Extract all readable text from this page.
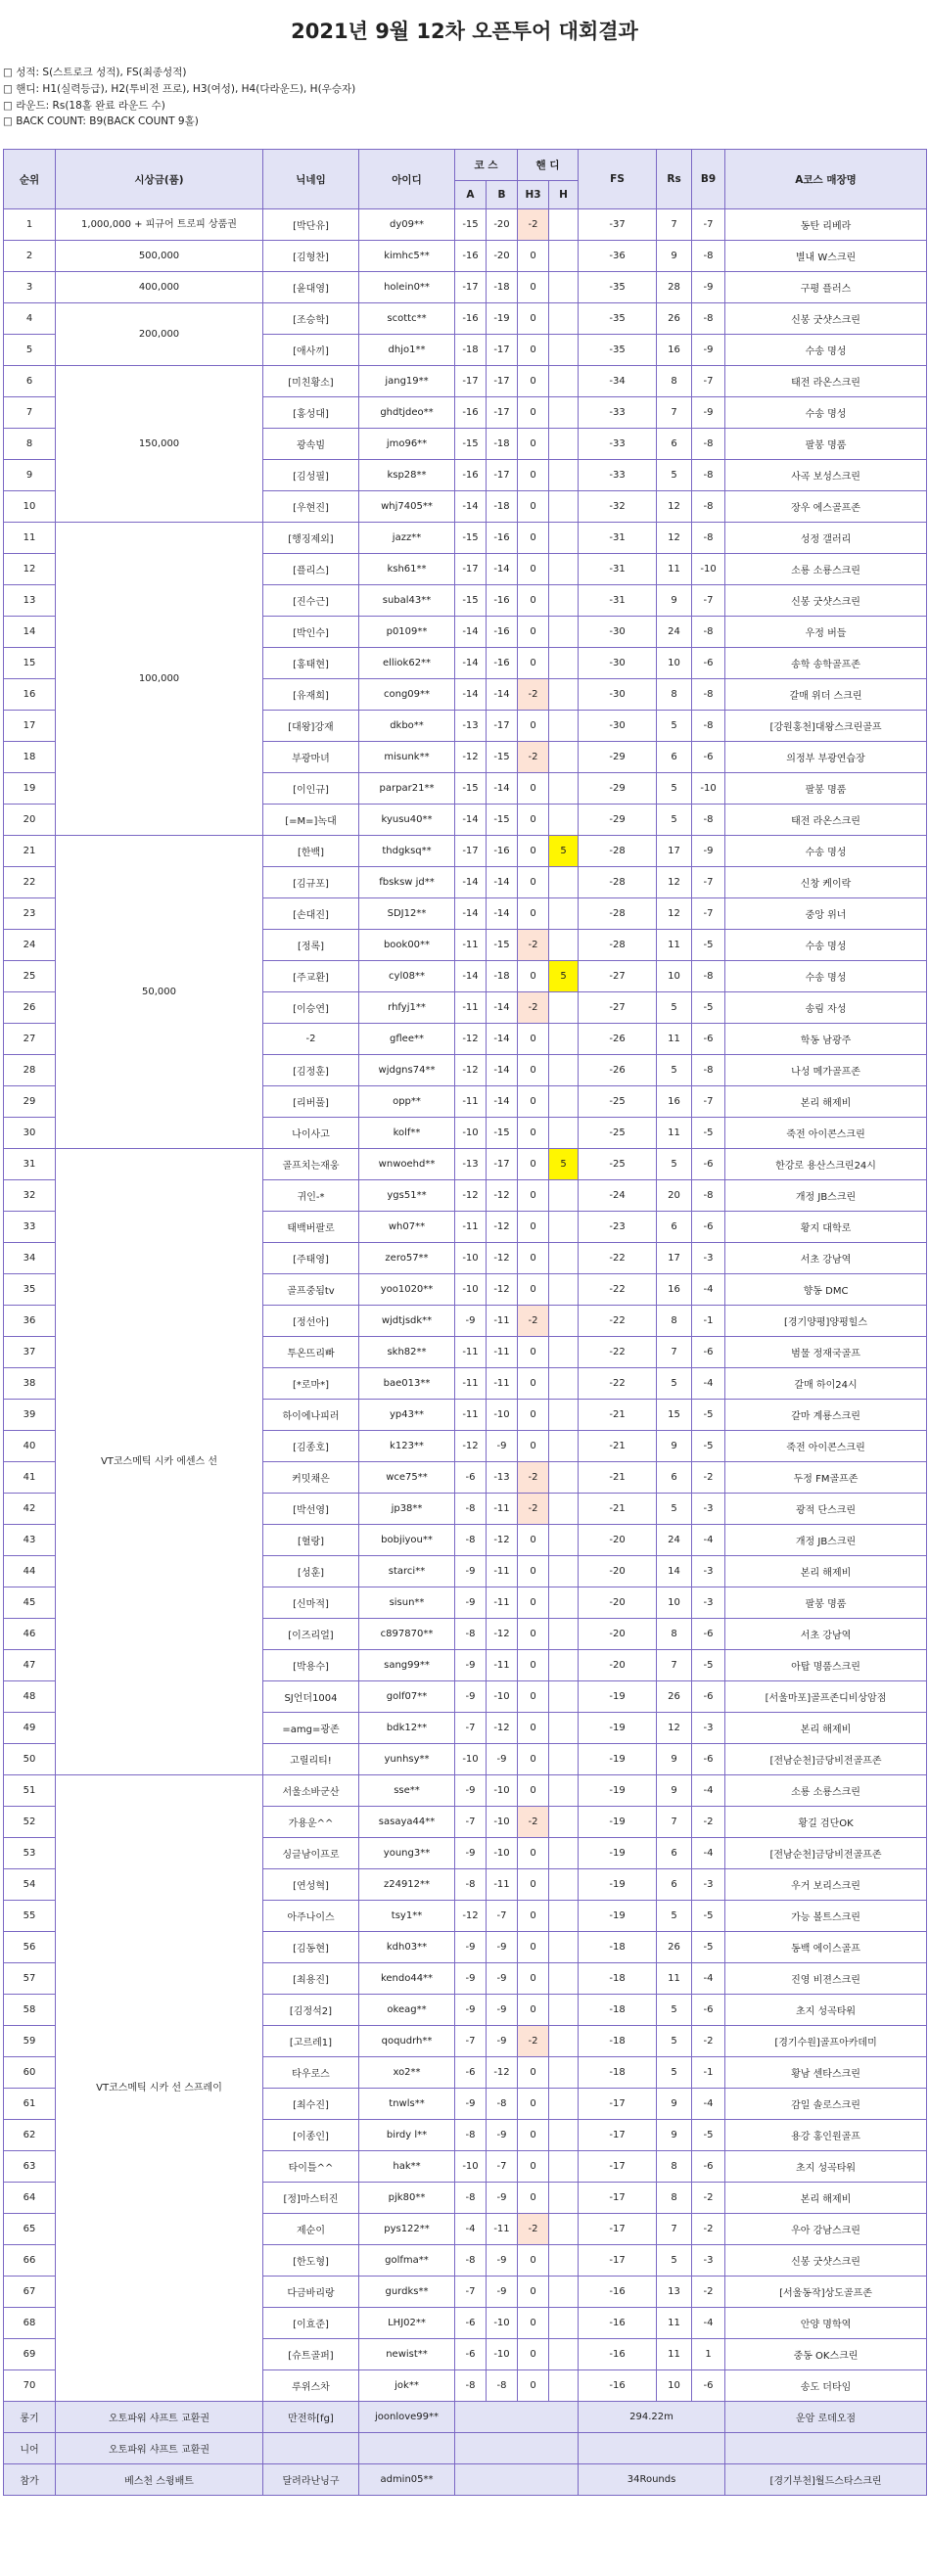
2021년 9월 12차 오픈투어 대회결과
□ 성적: S(스트로크 성적), FS(최종성적)
□ 핸디: H1(실력등급), H2(투비전 프로), H3(여성), H4(다라운드), H(우승자)
□ 라운드: Rs(18홀 완료 라운드 수)
□ BACK COUNT: B9(BACK COUNT 9홀)
순위	시상금(품)	닉네임	아이디	코 스		핸 디		FS	Rs	B9	A코스 매장명
				A	B	H3	H				
1	1,000,000 + 피규어 트로피 상품권	[박단유]	dy09**	-15	-20	-2		-37	7	-7	동탄 리베라
2	500,000	[김형찬]	kimhc5**	-16	-20	0		-36	9	-8	별내 W스크린
3	400,000	[윤대영]	holein0**	-17	-18	0		-35	28	-9	구평 플러스
4	200,000	[조승학]	scottc**	-16	-19	0		-35	26	-8	신봉 굿샷스크린
5		[애사끼]	dhjo1**	-18	-17	0		-35	16	-9	수송 명성
6	150,000	[미친황소]	jang19**	-17	-17	0		-34	8	-7	태전 라온스크린
7		[홍성대]	ghdtjdeo**	-16	-17	0		-33	7	-9	수송 명성
8		광속빔	jmo96**	-15	-18	0		-33	6	-8	팔봉 명품
9		[김성필]	ksp28**	-16	-17	0		-33	5	-8	사곡 보성스크린
10		[우현진]	whj7405**	-14	-18	0		-32	12	-8	장우 에스골프존
11	100,000	[행징제외]	jazz**	-15	-16	0		-31	12	-8	성정 갤러리
12		[플리스]	ksh61**	-17	-14	0		-31	11	-10	소룡 소룡스크린
13		[진수근]	subal43**	-15	-16	0		-31	9	-7	신봉 굿샷스크린
14		[박인수]	p0109**	-14	-16	0		-30	24	-8	우정 버들
15		[홍태현]	elliok62**	-14	-16	0		-30	10	-6	송학 송학골프존
16		[유재희]	cong09**	-14	-14	-2		-30	8	-8	갈매 위더 스크린
17		[대왕]강재	dkbo**	-13	-17	0		-30	5	-8	[강원홍천]대왕스크린골프
18		부광마녀	misunk**	-12	-15	-2		-29	6	-6	의정부 부광연습장
19		[이인규]	parpar21**	-15	-14	0		-29	5	-10	팔봉 명품
20		[=M=]녹대	kyusu40**	-14	-15	0		-29	5	-8	태전 라온스크린
21	50,000	[한백]	thdgksq**	-17	-16	0	5	-28	17	-9	수송 명성
22		[김규포]	fbsksw jd**	-14	-14	0		-28	12	-7	신창 케이락
23		[손대진]	SDJ12**	-14	-14	0		-28	12	-7	중앙 위너
24		[정록]	book00**	-11	-15	-2		-28	11	-5	수송 명성
25		[주교환]	cyl08**	-14	-18	0	5	-27	10	-8	수송 명성
26		[이승연]	rhfyj1**	-11	-14	-2		-27	5	-5	송림 자성
27		-2	gflee**	-12	-14	0		-26	11	-6	학동 남광주
28		[김정훈]	wjdgns74**	-12	-14	0		-26	5	-8	나성 메가골프존
29		[리버풀]	opp**	-11	-14	0		-25	16	-7	본리 해제비
30		나이사고	kolf**	-10	-15	0		-25	11	-5	죽전 아이콘스크린
31	VT코스메틱 시카 에센스 선	골프치는재웅	wnwoehd**	-13	-17	0	5	-25	5	-6	한강로 용산스크린24시
32		귀인-*	ygs51**	-12	-12	0		-24	20	-8	개정 JB스크린
33		태백버팔로	wh07**	-11	-12	0		-23	6	-6	황지 대학로
34		[주태영]	zero57**	-10	-12	0		-22	17	-3	서초 강남역
35		골프중됨tv	yoo1020**	-10	-12	0		-22	16	-4	향동 DMC
36		[정선아]	wjdtjsdk**	-9	-11	-2		-22	8	-1	[경기양평]양평힐스
37		투온뜨리빠	skh82**	-11	-11	0		-22	7	-6	범물 정재국골프
38		[*로마*]	bae013**	-11	-11	0		-22	5	-4	갈매 하이24시
39		하이에나피러	yp43**	-11	-10	0		-21	15	-5	갈마 계룡스크린
40		[김종호]	k123**	-12	-9	0		-21	9	-5	죽전 아이콘스크린
41		커밋채은	wce75**	-6	-13	-2		-21	6	-2	두정 FM골프존
42		[박선영]	jp38**	-8	-11	-2		-21	5	-3	광적 단스크린
43		[혈랑]	bobjiyou**	-8	-12	0		-20	24	-4	개정 JB스크린
44		[성훈]	starci**	-9	-11	0		-20	14	-3	본리 해제비
45		[신마적]	sisun**	-9	-11	0		-20	10	-3	팔봉 명품
46		[이즈리얼]	c897870**	-8	-12	0		-20	8	-6	서초 강남역
47		[박용수]	sang99**	-9	-11	0		-20	7	-5	아탑 명품스크린
48		SJ언더1004	golf07**	-9	-10	0		-19	26	-6	[서울마포]골프존디비상암점
49		=amg=광존	bdk12**	-7	-12	0		-19	12	-3	본리 해제비
50		고릴리티!	yunhsy**	-10	-9	0		-19	9	-6	[전남순천]금당비전골프존
51	VT코스메틱 시카 선 스프레이	서울소바군산	sse**	-9	-10	0		-19	9	-4	소룡 소룡스크린
52		가용운^^	sasaya44**	-7	-10	-2		-19	7	-2	황길 검단OK
53		싱글남이프로	young3**	-9	-10	0		-19	6	-4	[전남순천]금당비전골프존
54		[연성혁]	z24912**	-8	-11	0		-19	6	-3	우거 보리스크린
55		아주나이스	tsy1**	-12	-7	0		-19	5	-5	가능 볼트스크린
56		[김동현]	kdh03**	-9	-9	0		-18	26	-5	동백 에이스골프
57		[최용진]	kendo44**	-9	-9	0		-18	11	-4	진영 비젼스크린
58		[김정석2]	okeag**	-9	-9	0		-18	5	-6	초지 성곡타워
59		[고르레1]	qoqudrh**	-7	-9	-2		-18	5	-2	[경기수원]골프아카데미
60		타우로스	xo2**	-6	-12	0		-18	5	-1	황남 센타스크린
61		[최수진]	tnwls**	-9	-8	0		-17	9	-4	감일 솔로스크린
62		[이종인]	birdy l**	-8	-9	0		-17	9	-5	용강 홍인원골프
63		타이틀^^	hak**	-10	-7	0		-17	8	-6	초지 성곡타워
64		[정]마스터진	pjk80**	-8	-9	0		-17	8	-2	본리 해제비
65		제순이	pys122**	-4	-11	-2		-17	7	-2	우아 강남스크린
66		[한도형]	golfma**	-8	-9	0		-17	5	-3	신봉 굿샷스크린
67		다금바리랑	gurdks**	-7	-9	0		-16	13	-2	[서울동작]상도골프존
68		[이효준]	LHJ02**	-6	-10	0		-16	11	-4	안양 명학역
69		[슈트골퍼]	newist**	-6	-10	0		-16	11	1	중동 OK스크린
70		루위스차	jok**	-8	-8	0		-16	10	-6	송도 더타임
롱기	오토파워 샤프트 교환권	만전하[fg]	joonlove99**					294.22m			운암 로데오점
니어	오토파워 샤프트 교환권										
참가	베스천 스윙배트	달려라난닝구	admin05**					34Rounds			[경기부천]월드스타스크린
